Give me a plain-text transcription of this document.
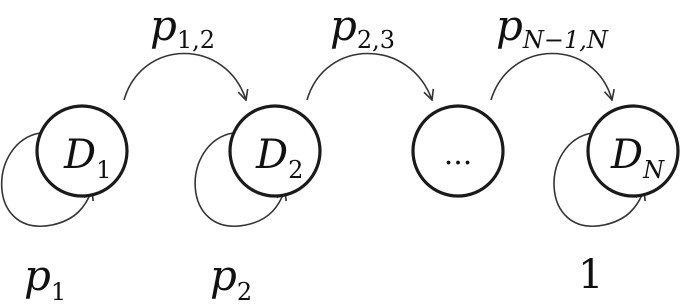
D1	D2	...	DN
p1,2	p2,3 pN−1,N
p1	p2	1
